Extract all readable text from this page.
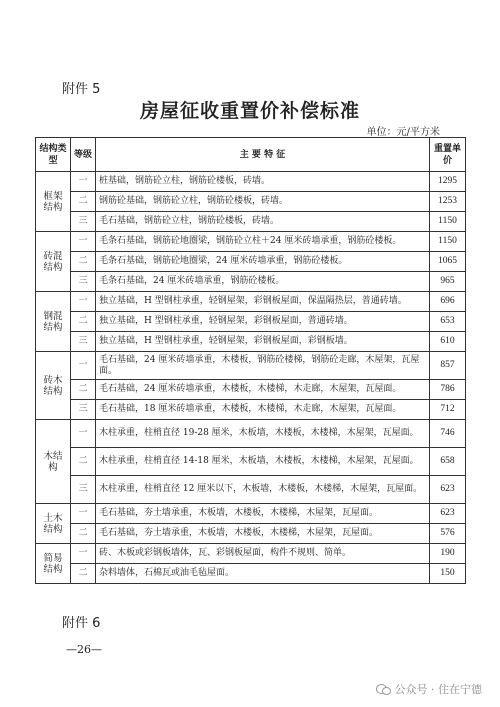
附件 5
房屋征收重置价补偿标准
单位：元/平方米
结构类型	等级	主 要 特 征	重置单价
框架结构	一	桩基础，钢筋砼立柱，钢筋砼楼板，砖墙。	1295
	二	钢筋砼基础，钢筋砼立柱，钢筋砼楼板，砖墙。	1253
	三	毛石基础，钢筋砼立柱，钢筋砼楼板，砖墙。	1150
砖混结构	一	毛条石基础，钢筋砼地圈梁，钢筋砼立柱＋24 厘米砖墙承重，钢筋砼楼板。	1150
	二	毛条石基础，钢筋砼地圈梁，24 厘米砖墙承重，钢筋砼楼板。	1065
	三	毛条石基础，24 厘米砖墙承重，钢筋砼楼板。	965
钢混结构	一	独立基础，H 型钢柱承重，轻钢屋架，彩钢板屋面，保温隔热层，普通砖墙。	696
	二	独立基础，H 型钢柱承重，轻钢屋架，彩钢板屋面，普通砖墙。	653
	三	独立基础，H 型钢柱承重，轻钢屋架，彩钢板屋面，彩钢板墙。	610
砖木结构	一	毛石基础，24 厘米砖墙承重，木楼板，钢筋砼楼梯，钢筋砼走廊，木屋架，瓦屋面。	857
	二	毛石基础，24 厘米砖墙承重，木楼板，木楼梯，木走廊，木屋架，瓦屋面。	786
	三	毛石基础，18 厘米砖墙承重，木楼板，木楼梯，木走廊，木屋架，瓦屋面。	712
木结构	一	木柱承重，柱梢直径 19-28 厘米，木板墙，木楼板，木楼梯，木屋架，瓦屋面。	746
	二	木柱承重，柱梢直径 14-18 厘米，木板墙，木楼板，木楼梯，木屋架，瓦屋面。	658
	三	木柱承重，柱梢直径 12 厘米以下，木板墙，木楼板，木楼梯，木屋架，瓦屋面。	623
土木结构	一	毛石基础，夯土墙承重，木板墙，木楼板，木楼梯，木屋架，瓦屋面。	623
	二	毛石基础，夯土墙承重，木板墙，木楼板，木楼梯，木屋架，瓦屋面。	576
简易结构	一	砖、木板或彩钢板墙体，瓦、彩钢板屋面，构件不规则、简单。	190
	二	杂料墙体，石棉瓦或油毛毡屋面。	150
附件 6
—26—
公众号 · 住在宁德
